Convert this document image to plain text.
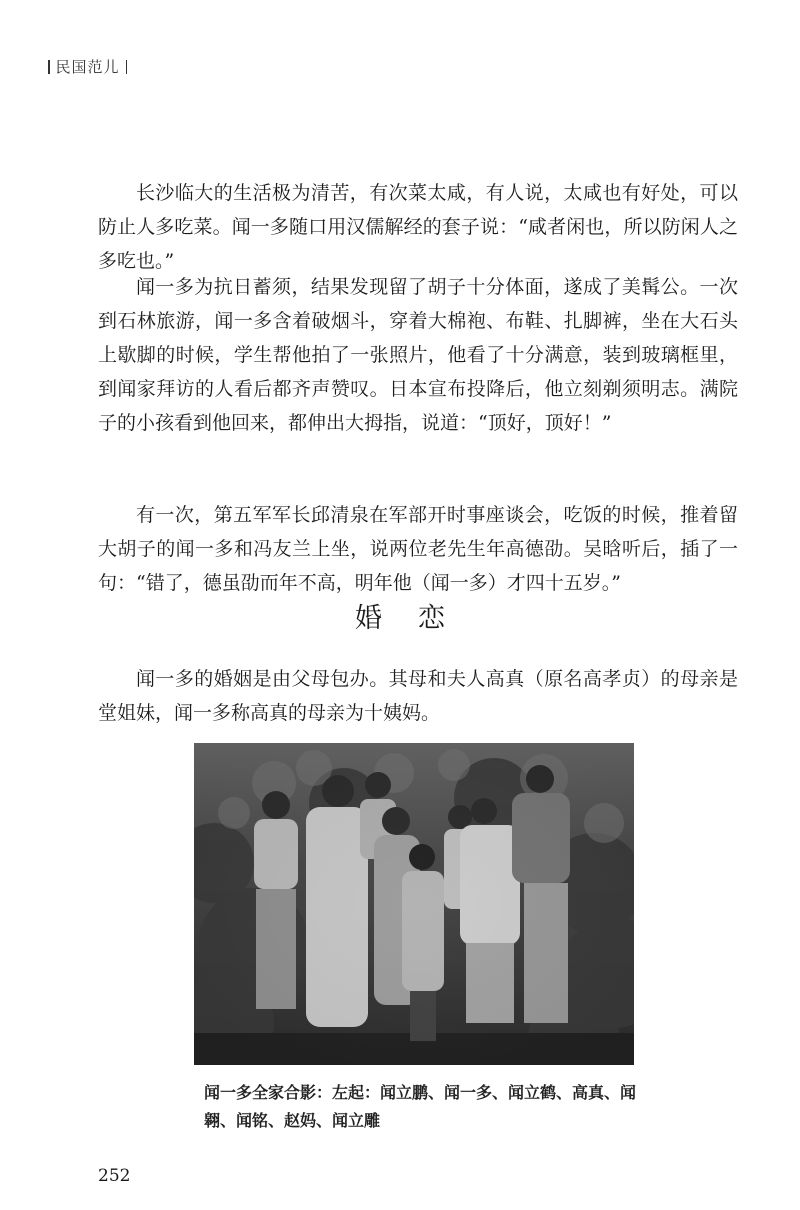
民国范儿

长沙临大的生活极为清苦，有次菜太咸，有人说，太咸也有好处，可以防止人多吃菜。闻一多随口用汉儒解经的套子说：“咸者闲也，所以防闲人之多吃也。”

闻一多为抗日蓄须，结果发现留了胡子十分体面，遂成了美髯公。一次到石林旅游，闻一多含着破烟斗，穿着大棉袍、布鞋、扎脚裤，坐在大石头上歇脚的时候，学生帮他拍了一张照片，他看了十分满意，装到玻璃框里，到闻家拜访的人看后都齐声赞叹。日本宣布投降后，他立刻剃须明志。满院子的小孩看到他回来，都伸出大拇指，说道：“顶好，顶好！”

有一次，第五军军长邱清泉在军部开时事座谈会，吃饭的时候，推着留大胡子的闻一多和冯友兰上坐，说两位老先生年高德劭。吴晗听后，插了一句：“错了，德虽劭而年不高，明年他（闻一多）才四十五岁。”

婚恋

闻一多的婚姻是由父母包办。其母和夫人高真（原名高孝贞）的母亲是堂姐妹，闻一多称高真的母亲为十姨妈。

闻一多全家合影：左起：闻立鹏、闻一多、闻立鹤、高真、闻翱、闻铭、赵妈、闻立雕
252
